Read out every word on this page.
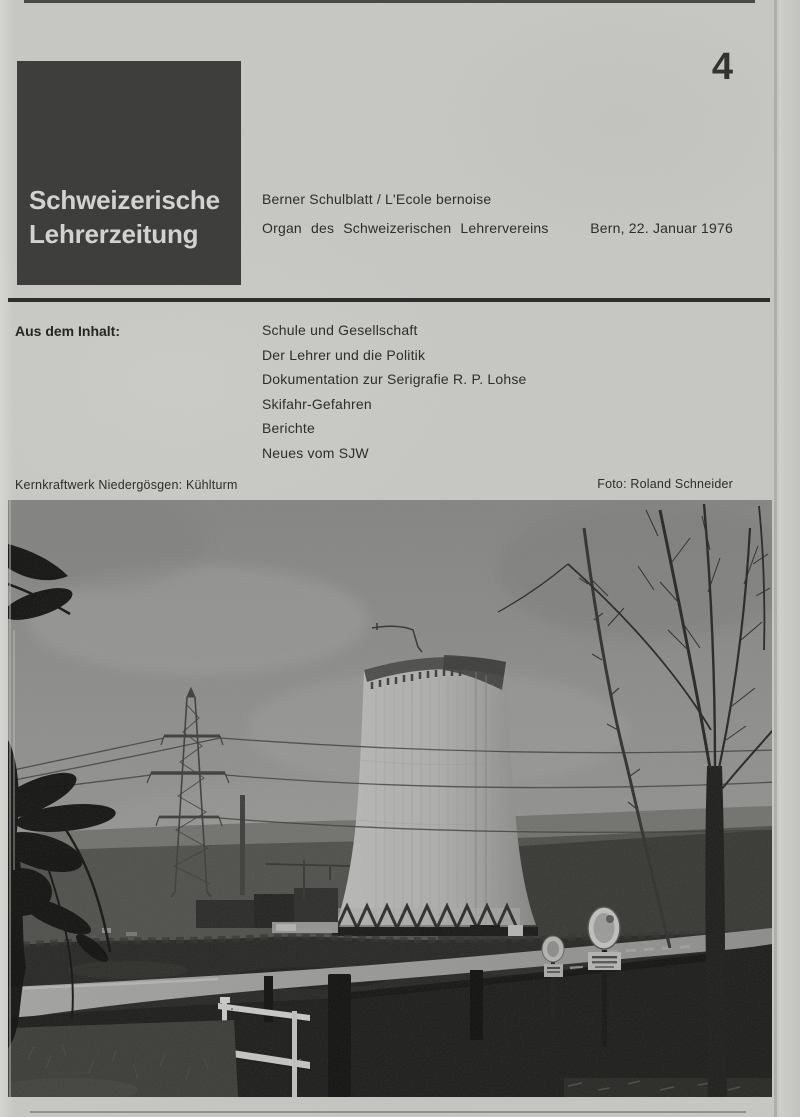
Schweizerische
Lehrerzeitung
4
Berner Schulblatt / L'Ecole bernoise
Organ des Schweizerischen Lehrervereins	Bern, 22. Januar 1976
Aus dem Inhalt:	Schule und Gesellschaft
Der Lehrer und die Politik
Dokumentation zur Serigrafie R. P. Lohse
Skifahr-Gefahren
Berichte
Neues vom SJW
Kernkraftwerk Niedergösgen: Kühlturm	Foto: Roland Schneider
